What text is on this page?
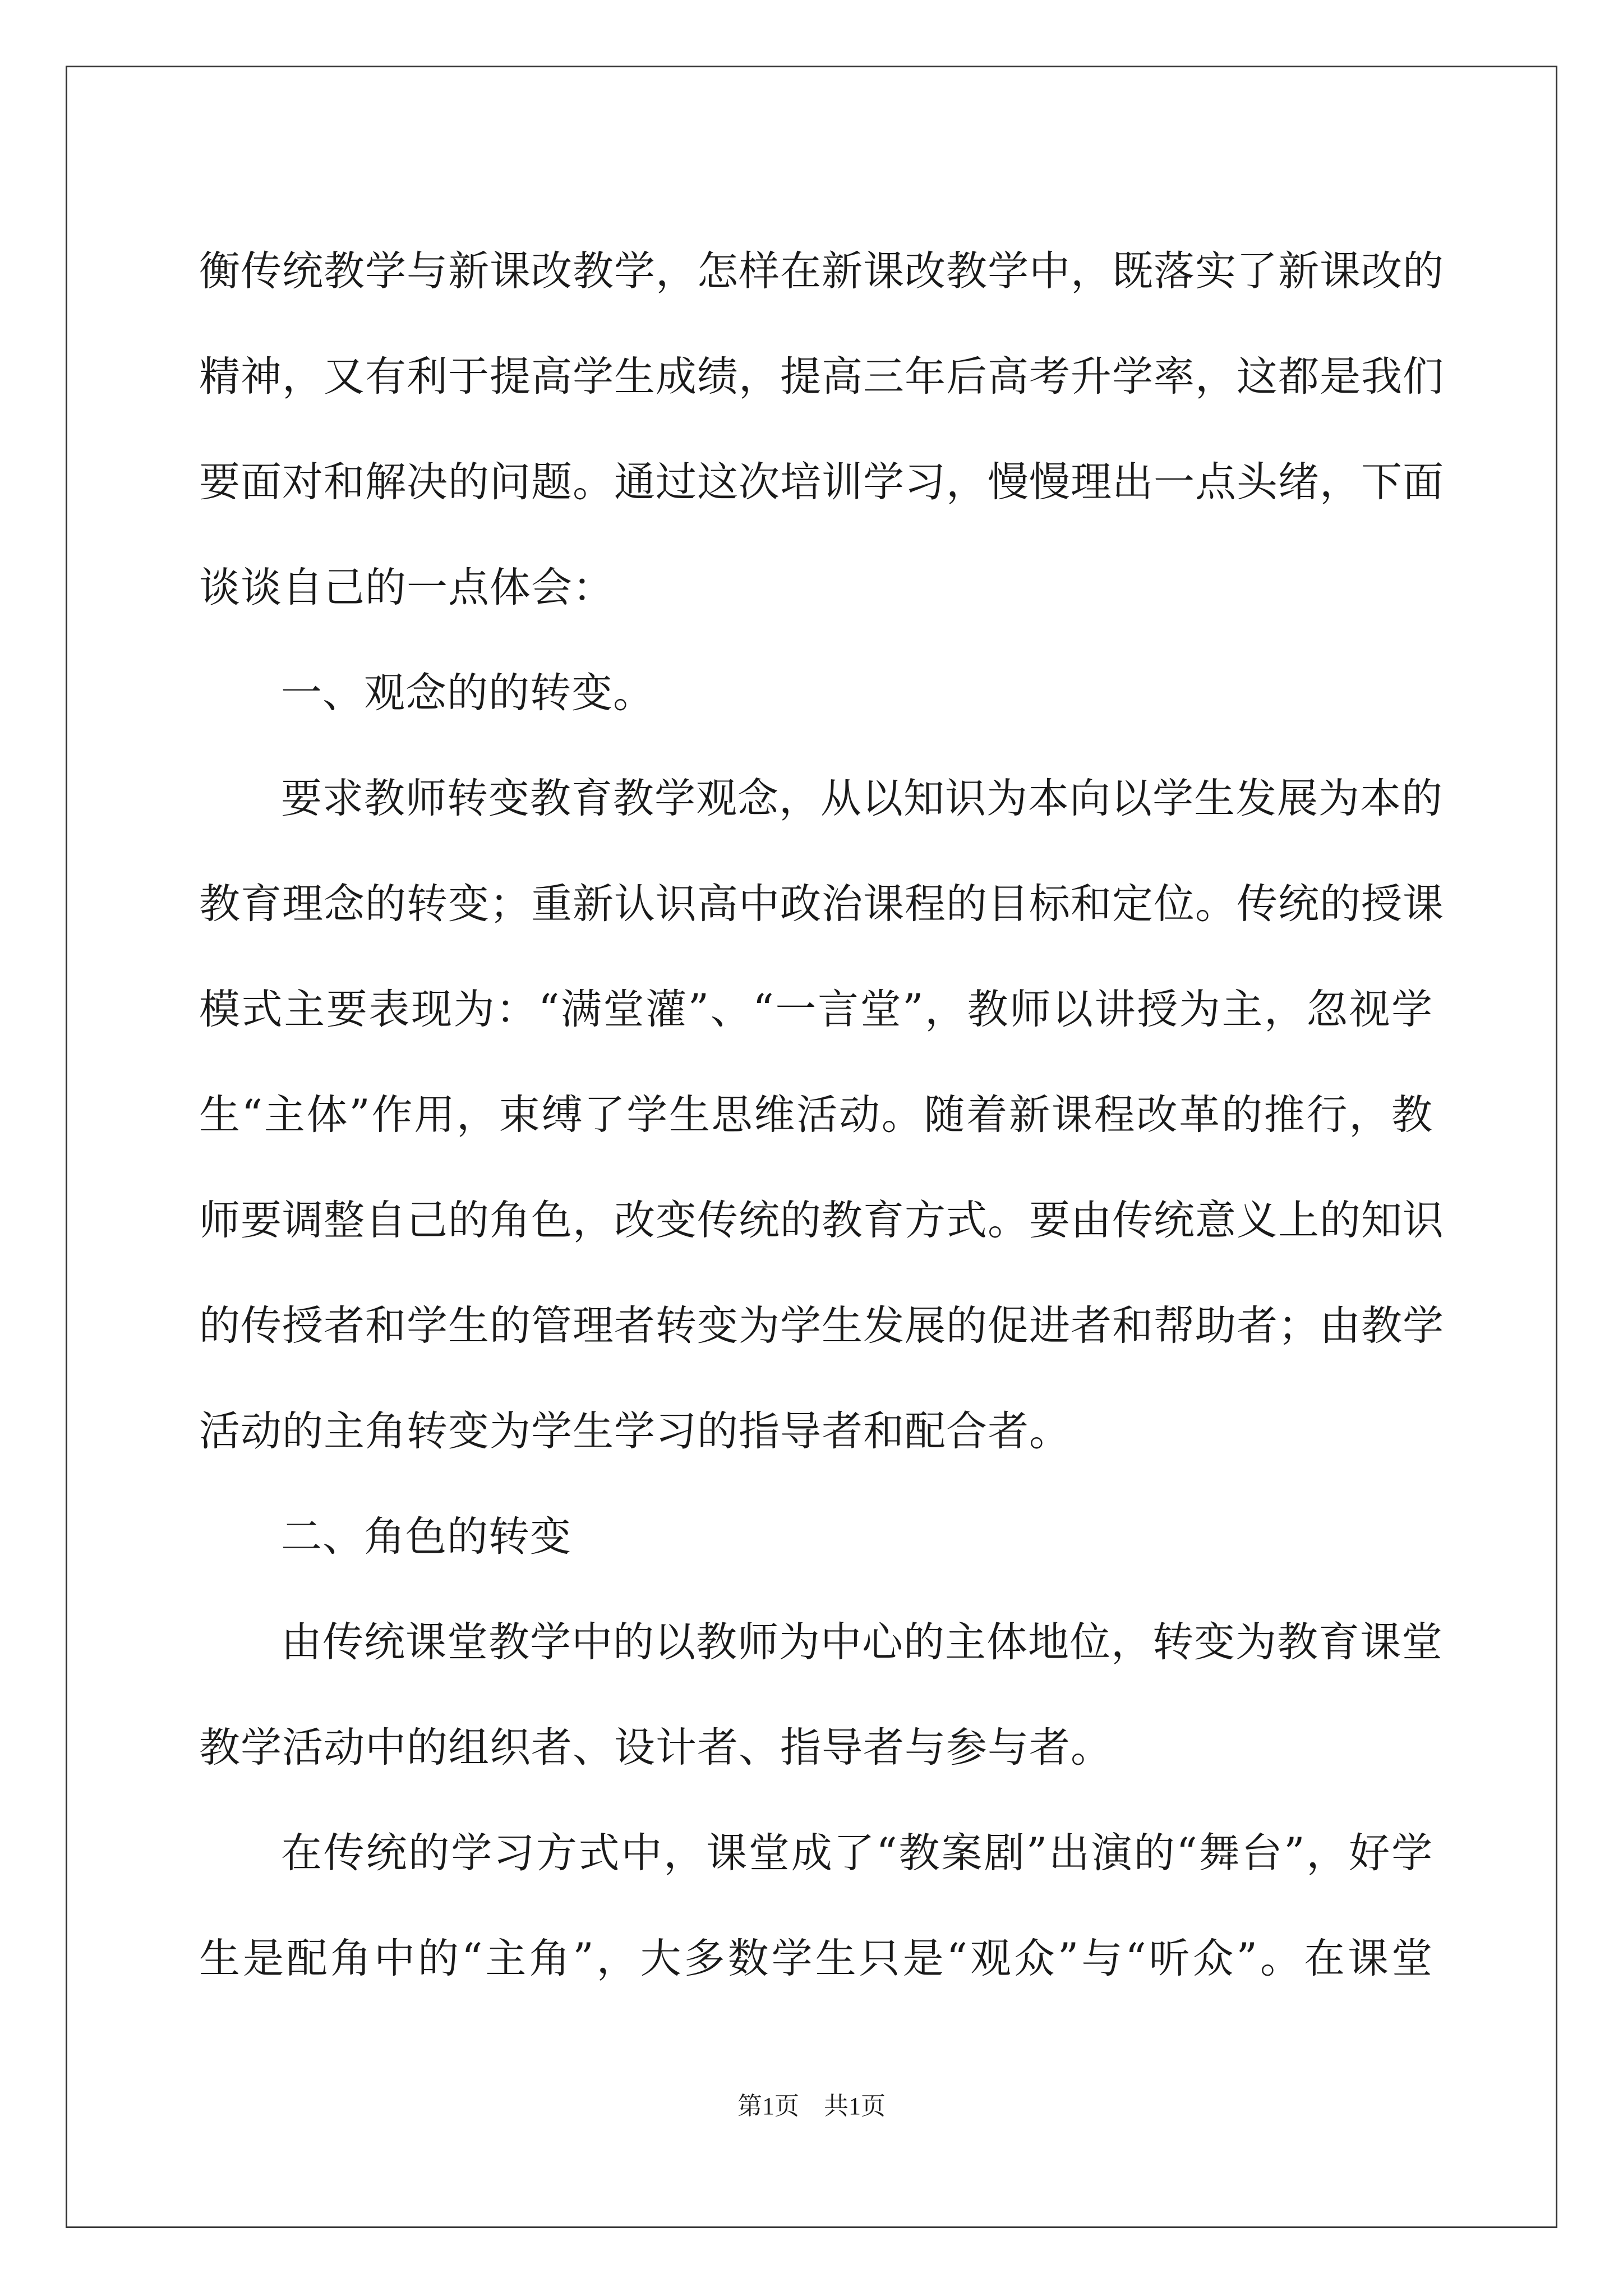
衡传统教学与新课改教学，怎样在新课改教学中，既落实了新课改的
精神，又有利于提高学生成绩，提高三年后高考升学率，这都是我们
要面对和解决的问题。通过这次培训学习，慢慢理出一点头绪，下面
谈谈自己的一点体会：
一、观念的的转变。
要求教师转变教育教学观念，从以知识为本向以学生发展为本的
教育理念的转变；重新认识高中政治课程的目标和定位。传统的授课
模式主要表现为：“满堂灌”、“一言堂”，教师以讲授为主，忽视学
生“主体”作用，束缚了学生思维活动。随着新课程改革的推行，教
师要调整自己的角色，改变传统的教育方式。要由传统意义上的知识
的传授者和学生的管理者转变为学生发展的促进者和帮助者；由教学
活动的主角转变为学生学习的指导者和配合者。
二、角色的转变
由传统课堂教学中的以教师为中心的主体地位，转变为教育课堂
教学活动中的组织者、设计者、指导者与参与者。
在传统的学习方式中，课堂成了“教案剧”出演的“舞台”，好学
生是配角中的“主角”，大多数学生只是“观众”与“听众”。在课堂
第1页　共1页
